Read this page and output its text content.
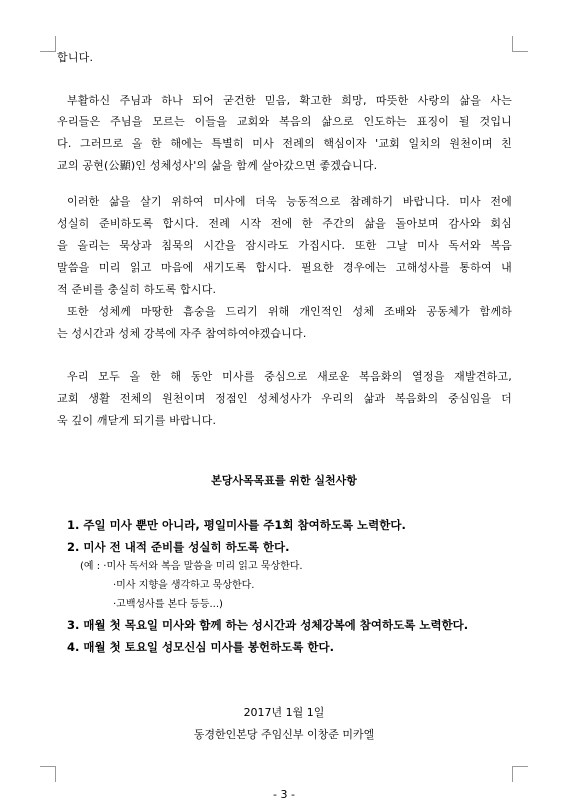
합니다.
부활하신 주님과 하나 되어 굳건한 믿음, 확고한 희망, 따뜻한 사랑의 삶을 사는
우리들은 주님을 모르는 이들을 교회와 복음의 삶으로 인도하는 표징이 될 것입니
다. 그러므로 올 한 해에는 특별히 미사 전례의 핵심이자 '교회 일치의 원천이며 친
교의 공현(公顯)인 성체성사'의 삶을 함께 살아갔으면 좋겠습니다.
이러한 삶을 살기 위하여 미사에 더욱 능동적으로 참례하기 바랍니다. 미사 전에
성실히 준비하도록 합시다. 전례 시작 전에 한 주간의 삶을 돌아보며 감사와 회심
을 올리는 묵상과 침묵의 시간을 잠시라도 가집시다. 또한 그날 미사 독서와 복음
말씀을 미리 읽고 마음에 새기도록 합시다. 필요한 경우에는 고해성사를 통하여 내
적 준비를 충실히 하도록 합시다.
또한 성체께 마땅한 흠숭을 드리기 위해 개인적인 성체 조배와 공동체가 함께하
는 성시간과 성체 강복에 자주 참여하여야겠습니다.
우리 모두 올 한 해 동안 미사를 중심으로 새로운 복음화의 열정을 재발견하고,
교회 생활 전체의 원천이며 정점인 성체성사가 우리의 삶과 복음화의 중심임을 더
욱 깊이 깨닫게 되기를 바랍니다.
본당사목목표를 위한 실천사항
1. 주일 미사 뿐만 아니라, 평일미사를 주1회 참여하도록 노력한다.
2. 미사 전 내적 준비를 성실히 하도록 한다.
(예 : ·미사 독서와 복음 말씀을 미리 읽고 묵상한다.
·미사 지향을 생각하고 묵상한다.
·고백성사를 본다 등등...)
3. 매월 첫 목요일 미사와 함께 하는 성시간과 성체강복에 참여하도록 노력한다.
4. 매월 첫 토요일 성모신심 미사를 봉헌하도록 한다.
2017년 1월 1일
동경한인본당 주임신부 이창준 미카엘
- 3 -
